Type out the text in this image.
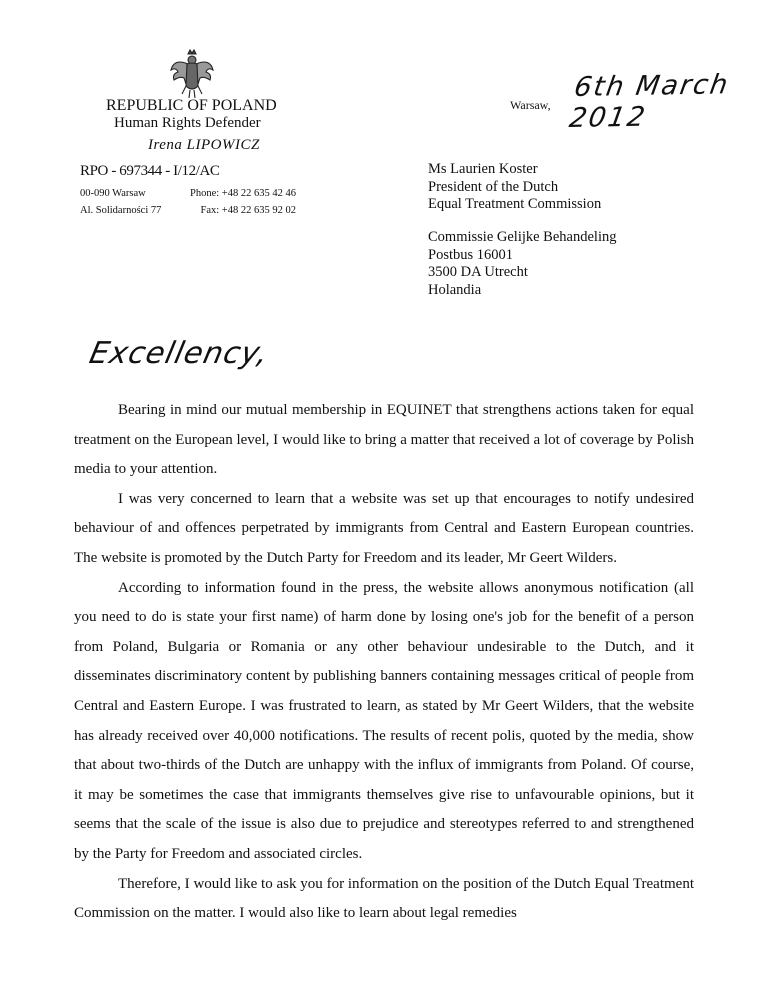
REPUBLIC OF POLAND
Human Rights Defender
Irena LIPOWICZ
RPO - 697344 - I/12/AC
00-090 Warsaw
Al. Solidarności 77
Phone: +48 22 635 42 46
Fax: +48 22 635 92 02
Warsaw,
6th March 2012
Ms Laurien Koster
President of the Dutch
Equal Treatment Commission
Commissie Gelijke Behandeling
Postbus 16001
3500 DA Utrecht
Holandia
Excellency,

Bearing in mind our mutual membership in EQUINET that strengthens actions taken for equal treatment on the European level, I would like to bring a matter that received a lot of coverage by Polish media to your attention.

I was very concerned to learn that a website was set up that encourages to notify undesired behaviour of and offences perpetrated by immigrants from Central and Eastern European countries. The website is promoted by the Dutch Party for Freedom and its leader, Mr Geert Wilders.

According to information found in the press, the website allows anonymous notification (all you need to do is state your first name) of harm done by losing one's job for the benefit of a person from Poland, Bulgaria or Romania or any other behaviour undesirable to the Dutch, and it disseminates discriminatory content by publishing banners containing messages critical of people from Central and Eastern Europe. I was frustrated to learn, as stated by Mr Geert Wilders, that the website has already received over 40,000 notifications. The results of recent polis, quoted by the media, show that about two-thirds of the Dutch are unhappy with the influx of immigrants from Poland. Of course, it may be sometimes the case that immigrants themselves give rise to unfavourable opinions, but it seems that the scale of the issue is also due to prejudice and stereotypes referred to and strengthened by the Party for Freedom and associated circles.

Therefore, I would like to ask you for information on the position of the Dutch Equal Treatment Commission on the matter. I would also like to learn about legal remedies
